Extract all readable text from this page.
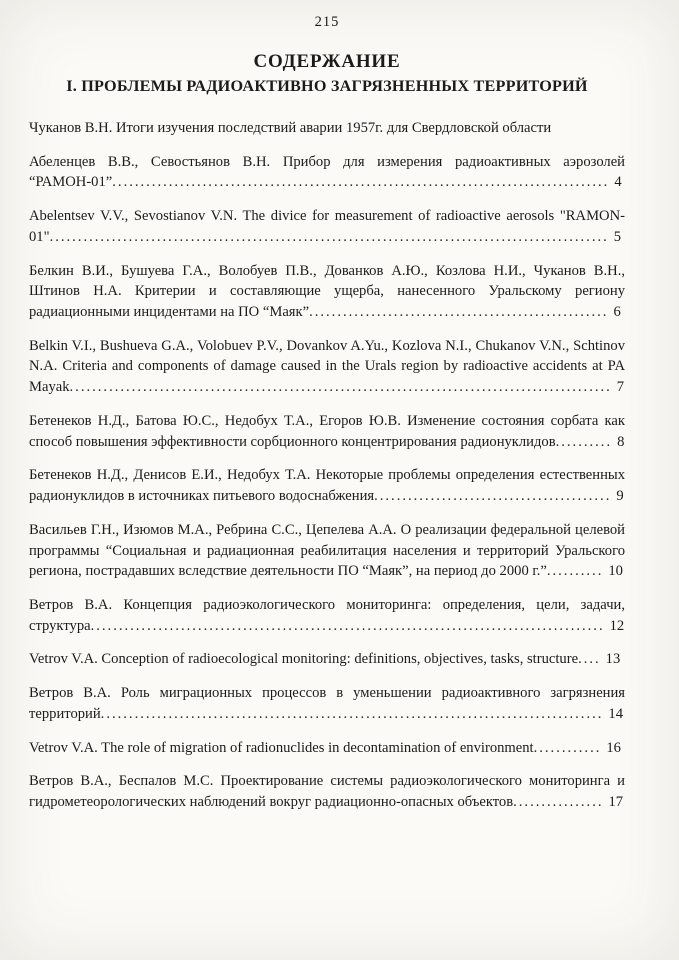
215
СОДЕРЖАНИЕ
I. ПРОБЛЕМЫ РАДИОАКТИВНО ЗАГРЯЗНЕННЫХ ТЕРРИТОРИЙ
Чуканов В.Н. Итоги изучения последствий аварии 1957г. для Свердловской области
Абеленцев В.В., Севостьянов В.Н. Прибор для измерения радиоактивных аэрозолей “РАМОН-01”........................................................................................ 4
Abelentsev V.V., Sevostianov V.N. The divice for measurement of radioactive aerosols "RAMON-01"................................................................................................... 5
Белкин В.И., Бушуева Г.А., Волобуев П.В., Дованков А.Ю., Козлова Н.И., Чуканов В.Н., Штинов Н.А. Критерии и составляющие ущерба, нанесенного Уральскому региону радиационными инцидентами на ПО “Маяк”..................................................... 6
Belkin V.I., Bushueva G.A., Volobuev P.V., Dovankov A.Yu., Kozlova N.I., Chukanov V.N., Schtinov N.A. Criteria and components of damage caused in the Urals region by radioactive accidents at PA Mayak................................................................................................ 7
Бетенеков Н.Д., Батова Ю.С., Недобух Т.А., Егоров Ю.В. Изменение состояния сорбата как способ повышения эффективности сорбционного концентрирования радионуклидов.......... 8
Бетенеков Н.Д., Денисов Е.И., Недобух Т.А. Некоторые проблемы определения естественных радионуклидов в источниках питьевого водоснабжения.......................................... 9
Васильев Г.Н., Изюмов М.А., Ребрина С.С., Цепелева А.А. О реализации федеральной целевой программы “Социальная и радиационная реабилитация населения и территорий Уральского региона, пострадавших вследствие деятельности ПО “Маяк”, на период до 2000 г.”.......... 10
Ветров В.А. Концепция радиоэкологического мониторинга: определения, цели, задачи, структура........................................................................................... 12
Vetrov V.A. Conception of radioecological monitoring: definitions, objectives, tasks, structure.... 13
Ветров В.А. Роль миграционных процессов в уменьшении радиоактивного загрязнения территорий......................................................................................... 14
Vetrov V.A. The role of migration of radionuclides in decontamination of environment............ 16
Ветров В.А., Беспалов М.С. Проектирование системы радиоэкологического мониторинга и гидрометеорологических наблюдений вокруг радиационно-опасных объектов................ 17
